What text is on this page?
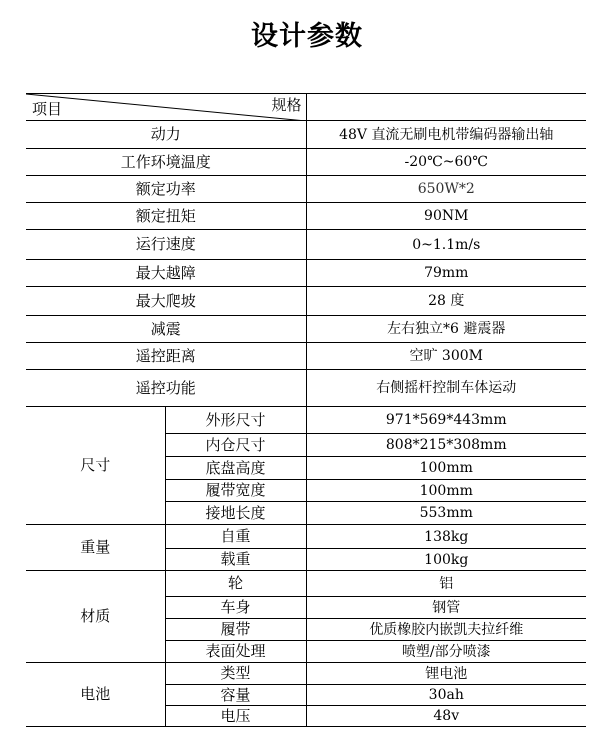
设计参数
项目 规格		

动力		48V 直流无刷电机带编码器输出轴
工作环境温度		-20℃~60℃
额定功率		650W*2
额定扭矩		90NM
运行速度		0~1.1m/s
最大越障		79mm
最大爬坡		28 度
减震		左右独立*6 避震器
遥控距离		空旷 300M
遥控功能		右侧摇杆控制车体运动
尺寸	外形尺寸	971*569*443mm
	内仓尺寸	808*215*308mm
	底盘高度	100mm
	履带宽度	100mm
	接地长度	553mm
重量	自重	138kg
	载重	100kg
材质	轮	铝
	车身	钢管
	履带	优质橡胶内嵌凯夫拉纤维
	表面处理	喷塑/部分喷漆
电池	类型	锂电池
	容量	30ah
	电压	48v
